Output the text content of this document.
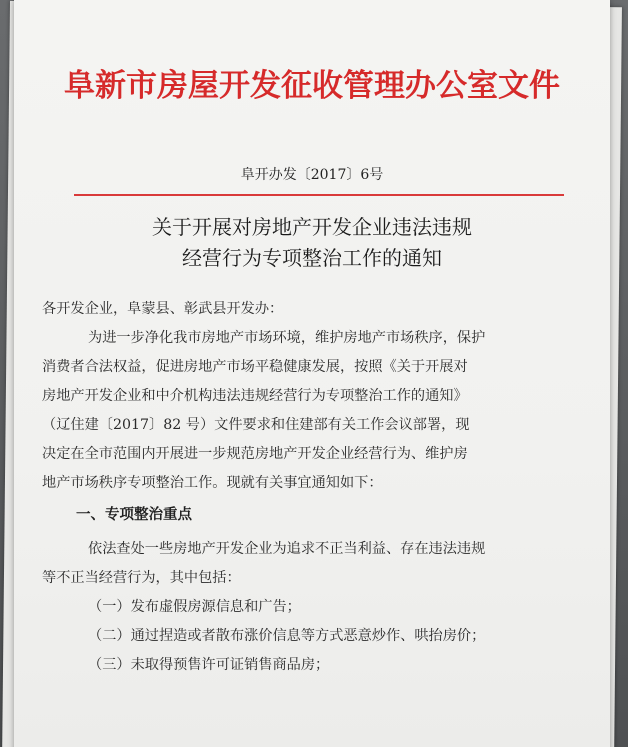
阜新市房屋开发征收管理办公室文件
阜开办发〔2017〕6号
关于开展对房地产开发企业违法违规
经营行为专项整治工作的通知
各开发企业，阜蒙县、彰武县开发办：
为进一步净化我市房地产市场环境，维护房地产市场秩序，保护
消费者合法权益，促进房地产市场平稳健康发展，按照《关于开展对
房地产开发企业和中介机构违法违规经营行为专项整治工作的通知》
（辽住建〔2017〕82 号）文件要求和住建部有关工作会议部署，现
决定在全市范围内开展进一步规范房地产开发企业经营行为、维护房
地产市场秩序专项整治工作。现就有关事宜通知如下：
一、专项整治重点
依法查处一些房地产开发企业为追求不正当利益、存在违法违规
等不正当经营行为，其中包括：
（一）发布虚假房源信息和广告；
（二）通过捏造或者散布涨价信息等方式恶意炒作、哄抬房价；
（三）未取得预售许可证销售商品房；
